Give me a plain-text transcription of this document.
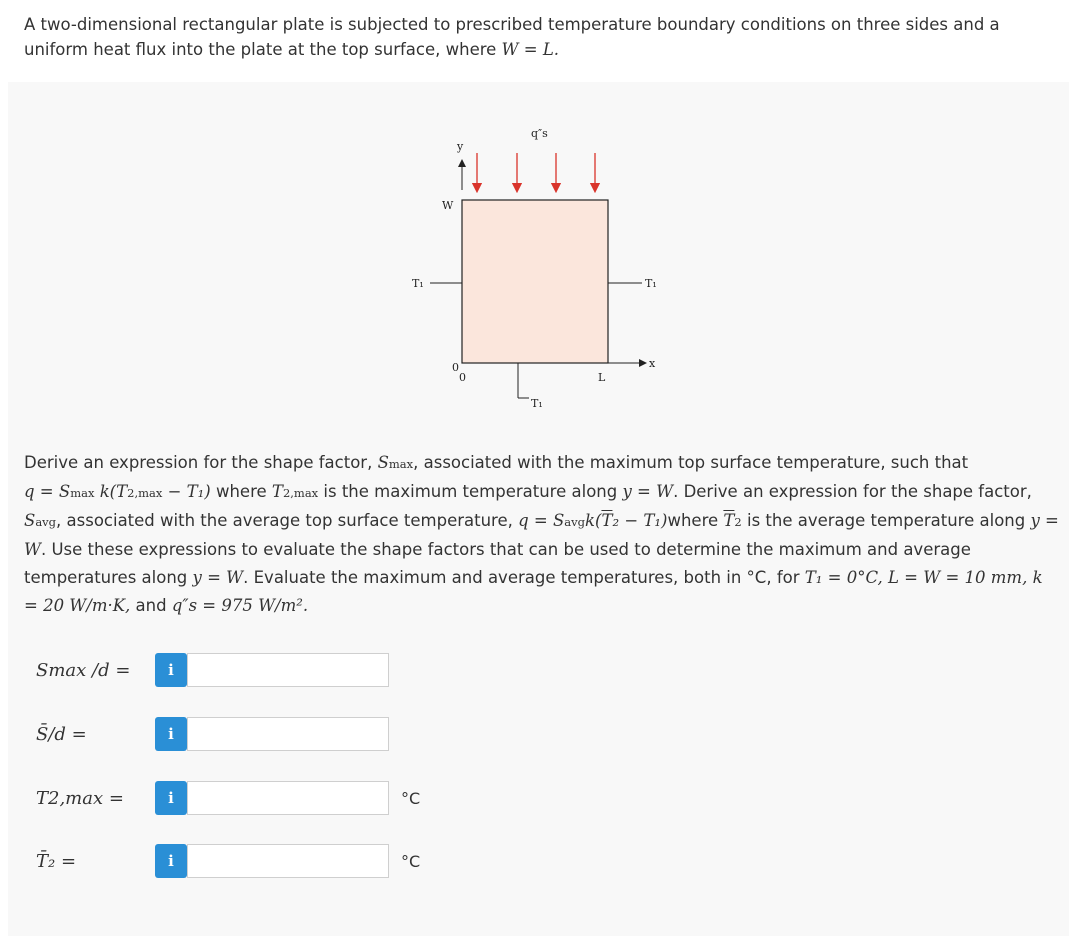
A two-dimensional rectangular plate is subjected to prescribed temperature boundary conditions on three sides and a uniform heat flux into the plate at the top surface, where W = L.
q″s
y
x
W
L
T₁	T₁
T₁
0
0
Derive an expression for the shape factor, Smax, associated with the maximum top surface temperature, such that
q = Smax k(T2,max − T₁) where T2,max is the maximum temperature along y = W. Derive an expression for the shape factor, Savg, associated with the average top surface temperature, $q = Savgk(\overline{T}_2$ − T₁)where $\overline{T}2$ is the average temperature along y = W. Use these expressions to evaluate the shape factors that can be used to determine the maximum and average temperatures along y = W. Evaluate the maximum and average temperatures, both in °C, for T₁ = 0°C, L = W = 10 mm, k = 20 W/m·K, and q″s = 975 W/m².
Smax /d =	i
S̄/d =	i
T2,max =	i	°C
T̄₂ =	i	°C
